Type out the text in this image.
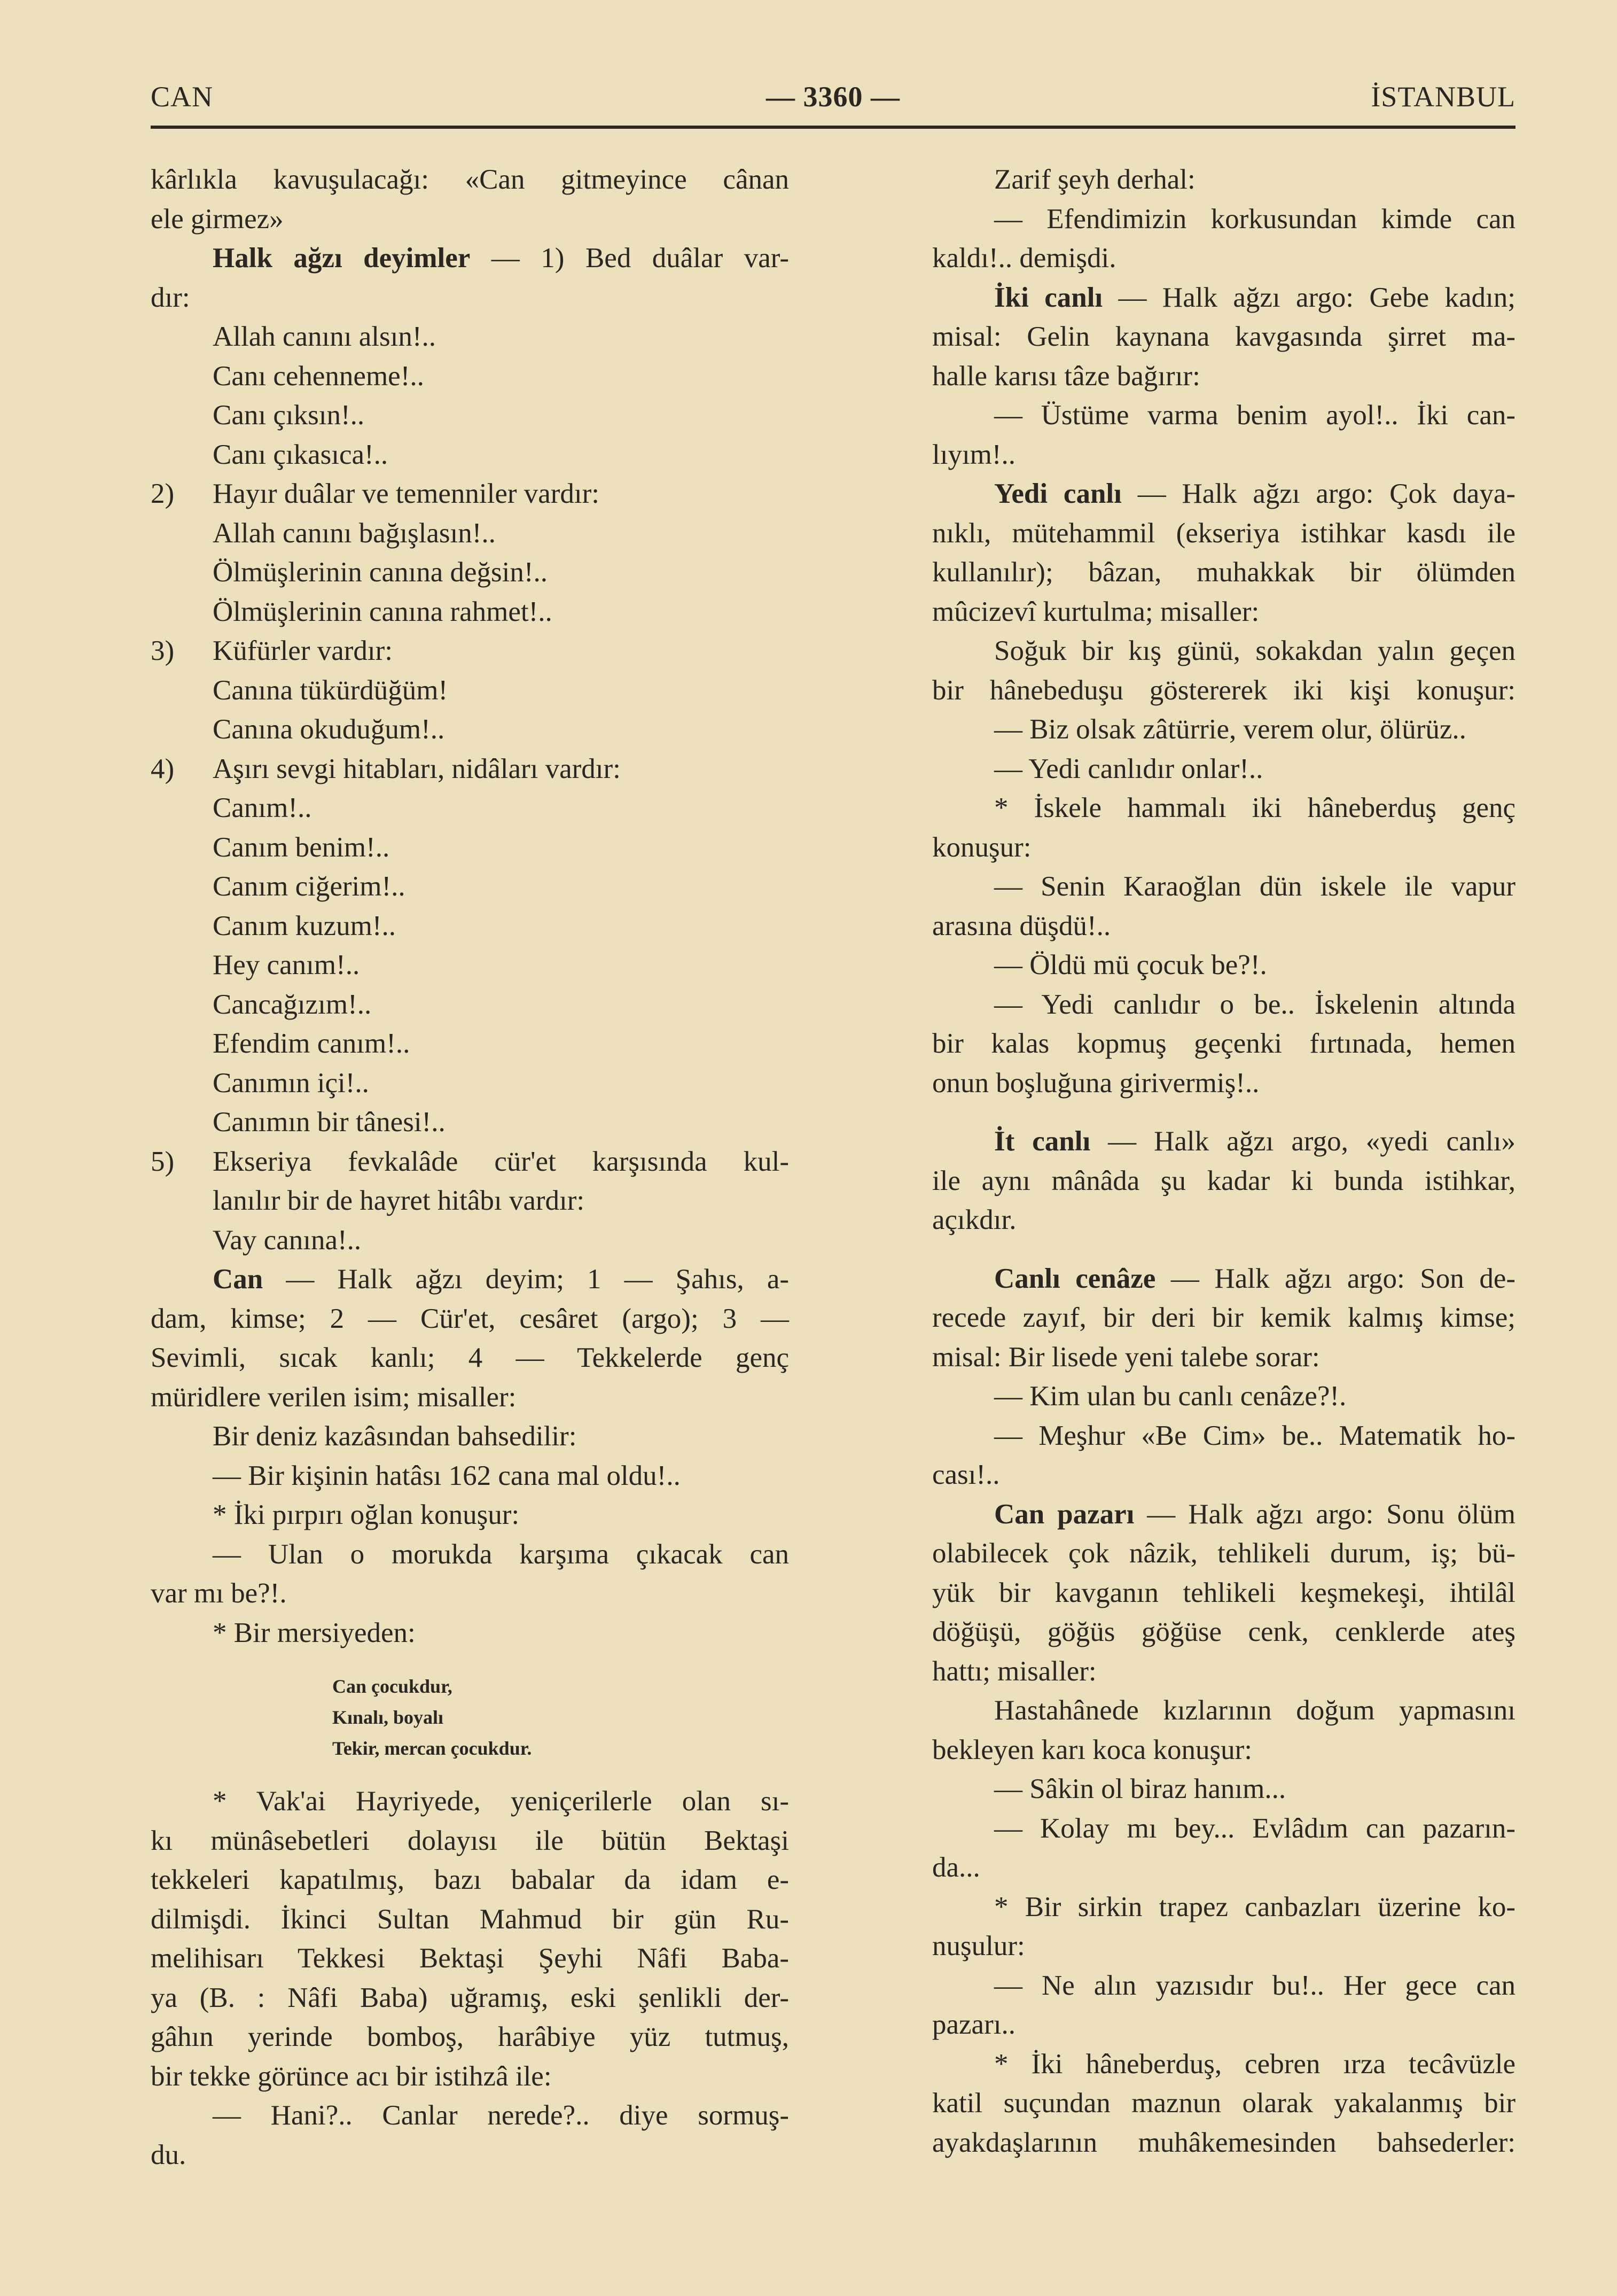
CAN	— 3360 —	İSTANBUL
kârlıkla kavuşulacağı: «Can gitmeyince cânan
ele girmez»
Halk ağzı deyimler — 1) Bed duâlar var-
dır:
Allah canını alsın!..
Canı cehenneme!..
Canı çıksın!..
Canı çıkasıca!..
2)	Hayır duâlar ve temenniler vardır:
Allah canını bağışlasın!..
Ölmüşlerinin canına değsin!..
Ölmüşlerinin canına rahmet!..
3)	Küfürler vardır:
Canına tükürdüğüm!
Canına okuduğum!..
4)	Aşırı sevgi hitabları, nidâları vardır:
Canım!..
Canım benim!..
Canım ciğerim!..
Canım kuzum!..
Hey canım!..
Cancağızım!..
Efendim canım!..
Canımın içi!..
Canımın bir tânesi!..
5)	Ekseriya fevkalâde cür'et karşısında kul-
lanılır bir de hayret hitâbı vardır:
Vay canına!..
Can — Halk ağzı deyim; 1 — Şahıs, a-
dam, kimse; 2 — Cür'et, cesâret (argo); 3 —
Sevimli, sıcak kanlı; 4 — Tekkelerde genç
müridlere verilen isim; misaller:
Bir deniz kazâsından bahsedilir:
— Bir kişinin hatâsı 162 cana mal oldu!..
* İki pırpırı oğlan konuşur:
— Ulan o morukda karşıma çıkacak can
var mı be?!.
* Bir mersiyeden:
Can çocukdur,
Kınalı, boyalı
Tekir, mercan çocukdur.
* Vak'ai Hayriyede, yeniçerilerle olan sı-
kı münâsebetleri dolayısı ile bütün Bektaşi
tekkeleri kapatılmış, bazı babalar da idam e-
dilmişdi. İkinci Sultan Mahmud bir gün Ru-
melihisarı Tekkesi Bektaşi Şeyhi Nâfi Baba-
ya (B. : Nâfi Baba) uğramış, eski şenlikli der-
gâhın yerinde bomboş, harâbiye yüz tutmuş,
bir tekke görünce acı bir istihzâ ile:
— Hani?.. Canlar nerede?.. diye sormuş-
du.
Zarif şeyh derhal:
— Efendimizin korkusundan kimde can
kaldı!.. demişdi.
İki canlı — Halk ağzı argo: Gebe kadın;
misal: Gelin kaynana kavgasında şirret ma-
halle karısı tâze bağırır:
— Üstüme varma benim ayol!.. İki can-
lıyım!..
Yedi canlı — Halk ağzı argo: Çok daya-
nıklı, mütehammil (ekseriya istihkar kasdı ile
kullanılır); bâzan, muhakkak bir ölümden
mûcizevî kurtulma; misaller:
Soğuk bir kış günü, sokakdan yalın geçen
bir hânebeduşu göstererek iki kişi konuşur:
— Biz olsak zâtürrie, verem olur, ölürüz..
— Yedi canlıdır onlar!..
* İskele hammalı iki hâneberduş genç
konuşur:
— Senin Karaoğlan dün iskele ile vapur
arasına düşdü!..
— Öldü mü çocuk be?!.
— Yedi canlıdır o be.. İskelenin altında
bir kalas kopmuş geçenki fırtınada, hemen
onun boşluğuna girivermiş!..
İt canlı — Halk ağzı argo, «yedi canlı»
ile aynı mânâda şu kadar ki bunda istihkar,
açıkdır.
Canlı cenâze — Halk ağzı argo: Son de-
recede zayıf, bir deri bir kemik kalmış kimse;
misal: Bir lisede yeni talebe sorar:
— Kim ulan bu canlı cenâze?!.
— Meşhur «Be Cim» be.. Matematik ho-
cası!..
Can pazarı — Halk ağzı argo: Sonu ölüm
olabilecek çok nâzik, tehlikeli durum, iş; bü-
yük bir kavganın tehlikeli keşmekeşi, ihtilâl
döğüşü, göğüs göğüse cenk, cenklerde ateş
hattı; misaller:
Hastahânede kızlarının doğum yapmasını
bekleyen karı koca konuşur:
— Sâkin ol biraz hanım...
— Kolay mı bey... Evlâdım can pazarın-
da...
* Bir sirkin trapez canbazları üzerine ko-
nuşulur:
— Ne alın yazısıdır bu!.. Her gece can
pazarı..
* İki hâneberduş, cebren ırza tecâvüzle
katil suçundan maznun olarak yakalanmış bir
ayakdaşlarının muhâkemesinden bahsederler:
